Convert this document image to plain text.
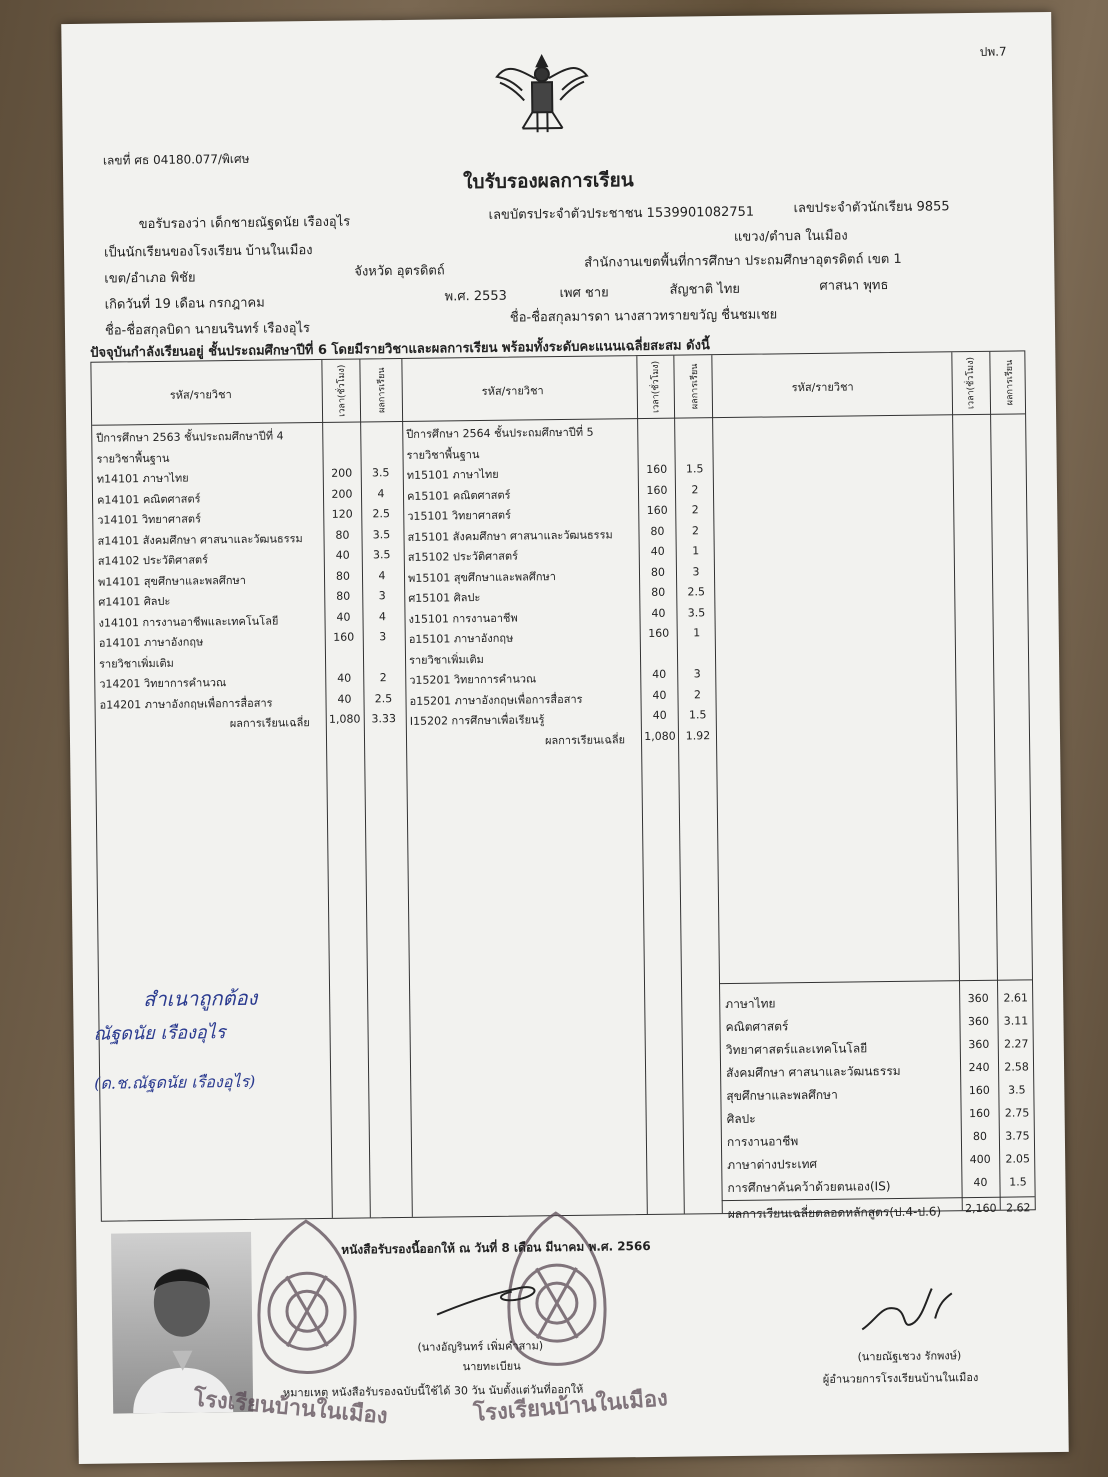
ปพ.7
เลขที่ ศธ 04180.077/พิเศษ
ใบรับรองผลการเรียน
ขอรับรองว่า เด็กชายณัฐดนัย เรืองอุไร
เลขบัตรประจำตัวประชาชน 1539901082751	เลขประจำตัวนักเรียน 9855
เป็นนักเรียนของโรงเรียน บ้านในเมือง
แขวง/ตำบล ในเมือง
เขต/อำเภอ พิชัย	จังหวัด อุตรดิตถ์
สำนักงานเขตพื้นที่การศึกษา ประถมศึกษาอุตรดิตถ์ เขต 1
เกิดวันที่ 19 เดือน กรกฎาคม	พ.ศ. 2553	เพศ ชาย	สัญชาติ ไทย	ศาสนา พุทธ
ชื่อ-ชื่อสกุลบิดา นายนรินทร์ เรืองอุไร
ชื่อ-ชื่อสกุลมารดา นางสาวทรายขวัญ ชื่นชมเชย
ปัจจุบันกำลังเรียนอยู่ ชั้นประถมศึกษาปีที่ 6 โดยมีรายวิชาและผลการเรียน พร้อมทั้งระดับคะแนนเฉลี่ยสะสม ดังนี้
รหัส/รายวิชา	เวลา(ชั่วโมง)	ผลการเรียน	รหัส/รายวิชา	เวลา(ชั่วโมง)	ผลการเรียน	รหัส/รายวิชา	เวลา(ชั่วโมง)	ผลการเรียน
ปีการศึกษา 2563 ชั้นประถมศึกษาปีที่ 4
รายวิชาพื้นฐาน
ท14101 ภาษาไทย	200	3.5
ค14101 คณิตศาสตร์	200	4
ว14101 วิทยาศาสตร์	120	2.5
ส14101 สังคมศึกษา ศาสนาและวัฒนธรรม	80	3.5
ส14102 ประวัติศาสตร์	40	3.5
พ14101 สุขศึกษาและพลศึกษา	80	4
ศ14101 ศิลปะ	80	3
ง14101 การงานอาชีพและเทคโนโลยี	40	4
อ14101 ภาษาอังกฤษ	160	3
รายวิชาเพิ่มเติม
ว14201 วิทยาการคำนวณ	40	2
อ14201 ภาษาอังกฤษเพื่อการสื่อสาร	40	2.5
ผลการเรียนเฉลี่ย 1,080 3.33
ปีการศึกษา 2564 ชั้นประถมศึกษาปีที่ 5
รายวิชาพื้นฐาน
ท15101 ภาษาไทย	160	1.5
ค15101 คณิตศาสตร์	160	2
ว15101 วิทยาศาสตร์	160	2
ส15101 สังคมศึกษา ศาสนาและวัฒนธรรม	80	2
ส15102 ประวัติศาสตร์	40	1
พ15101 สุขศึกษาและพลศึกษา	80	3
ศ15101 ศิลปะ	80	2.5
ง15101 การงานอาชีพ	40	3.5
อ15101 ภาษาอังกฤษ	160	1
รายวิชาเพิ่มเติม
ว15201 วิทยาการคำนวณ	40	3
อ15201 ภาษาอังกฤษเพื่อการสื่อสาร	40	2
I15202 การศึกษาเพื่อเรียนรู้	40	1.5
ผลการเรียนเฉลี่ย 1,080 1.92
ภาษาไทย	360	2.61
คณิตศาสตร์	360	3.11
วิทยาศาสตร์และเทคโนโลยี	360	2.27
สังคมศึกษา ศาสนาและวัฒนธรรม	240	2.58
สุขศึกษาและพลศึกษา	160	3.5
ศิลปะ	160	2.75
การงานอาชีพ	80	3.75
ภาษาต่างประเทศ	400	2.05
การศึกษาค้นคว้าด้วยตนเอง(IS)	40	1.5
ผลการเรียนเฉลี่ยตลอดหลักสูตร(ป.4-ป.6) 2,160 2.62
สำเนาถูกต้อง
ณัฐดนัย เรืองอุไร
(ด.ช.ณัฐดนัย เรืองอุไร)
โรงเรียนบ้านในเมือง	โรงเรียนบ้านในเมือง
หนังสือรับรองนี้ออกให้ ณ วันที่ 8 เดือน มีนาคม พ.ศ. 2566
(นางอัญรินทร์ เพิ่มคำสาม)
นายทะเบียน
หมายเหตุ หนังสือรับรองฉบับนี้ใช้ได้ 30 วัน นับตั้งแต่วันที่ออกให้
(นายณัฐเชวง รักพงษ์)
ผู้อำนวยการโรงเรียนบ้านในเมือง
